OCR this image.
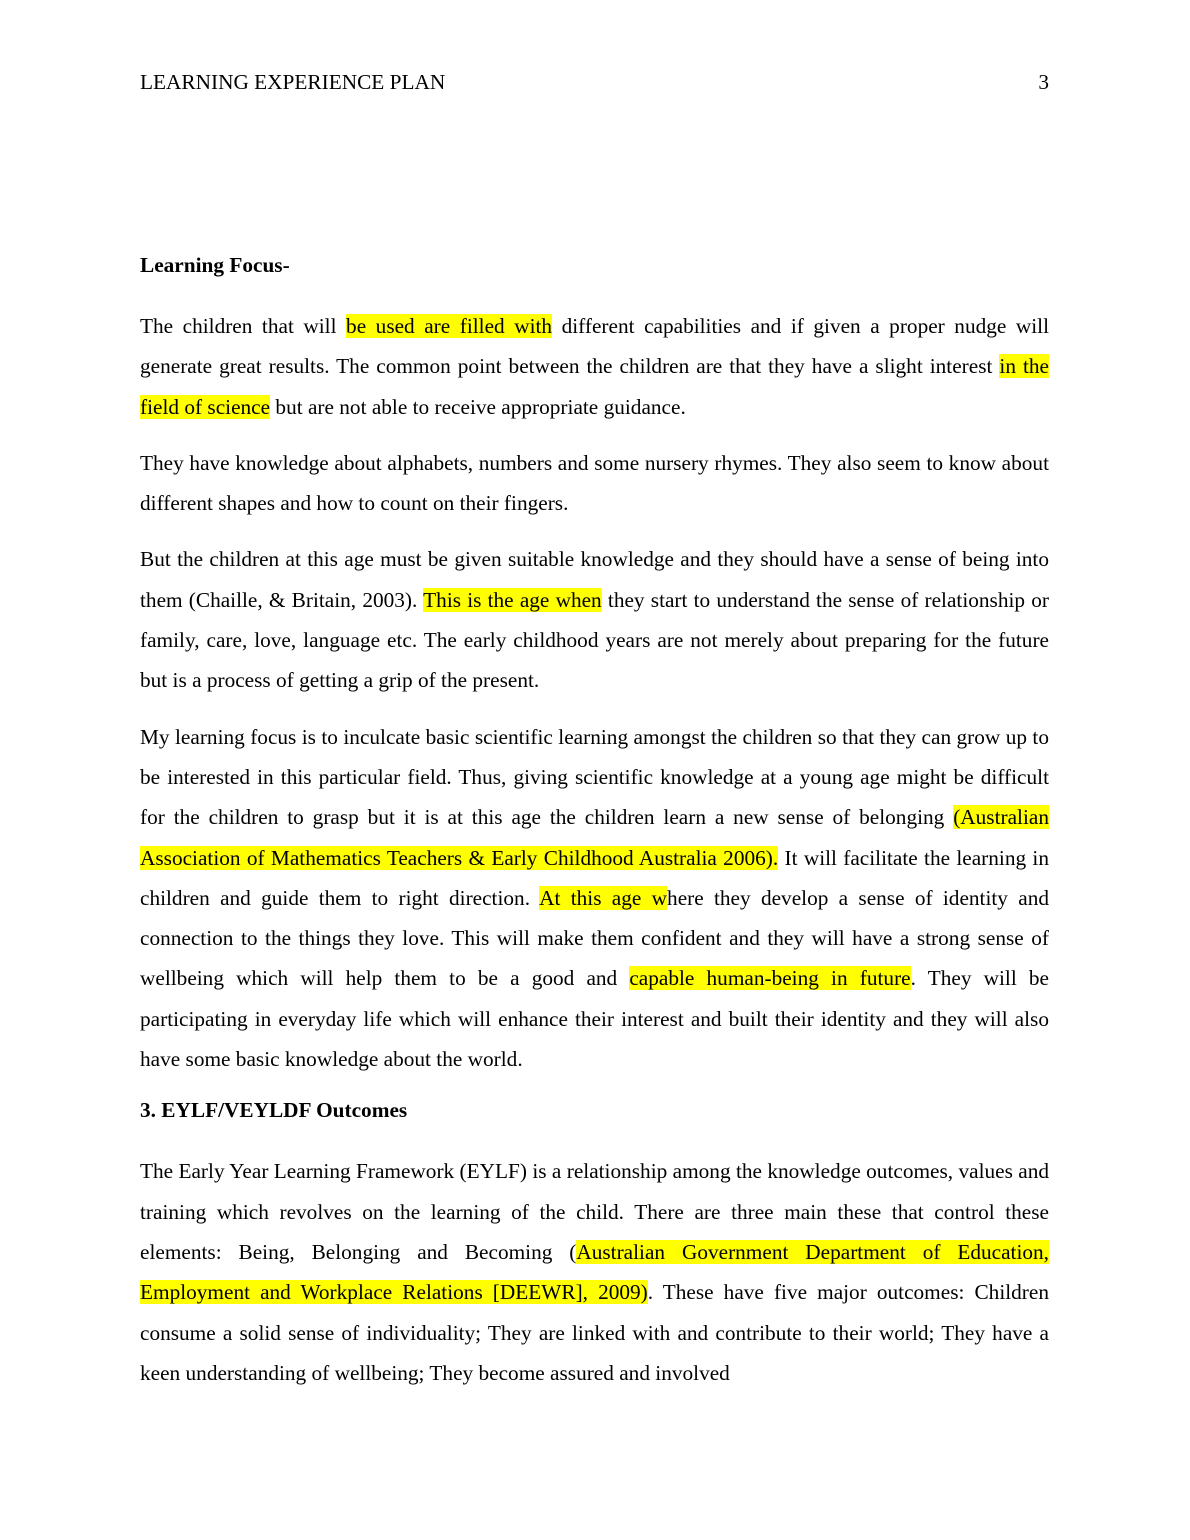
LEARNING EXPERIENCE PLAN	3
Learning Focus-

The children that will be used are filled with different capabilities and if given a proper nudge will generate great results. The common point between the children are that they have a slight interest in the field of science but are not able to receive appropriate guidance.

They have knowledge about alphabets, numbers and some nursery rhymes. They also seem to know about different shapes and how to count on their fingers.

But the children at this age must be given suitable knowledge and they should have a sense of being into them (Chaille, & Britain, 2003). This is the age when they start to understand the sense of relationship or family, care, love, language etc. The early childhood years are not merely about preparing for the future but is a process of getting a grip of the present.

My learning focus is to inculcate basic scientific learning amongst the children so that they can grow up to be interested in this particular field. Thus, giving scientific knowledge at a young age might be difficult for the children to grasp but it is at this age the children learn a new sense of belonging (Australian Association of Mathematics Teachers & Early Childhood Australia 2006). It will facilitate the learning in children and guide them to right direction. At this age where they develop a sense of identity and connection to the things they love. This will make them confident and they will have a strong sense of wellbeing which will help them to be a good and capable human-being in future. They will be participating in everyday life which will enhance their interest and built their identity and they will also have some basic knowledge about the world.

3. EYLF/VEYLDF Outcomes

The Early Year Learning Framework (EYLF) is a relationship among the knowledge outcomes, values and training which revolves on the learning of the child. There are three main these that control these elements: Being, Belonging and Becoming (Australian Government Department of Education, Employment and Workplace Relations [DEEWR], 2009). These have five major outcomes: Children consume a solid sense of individuality; They are linked with and contribute to their world; They have a keen understanding of wellbeing; They become assured and involved
